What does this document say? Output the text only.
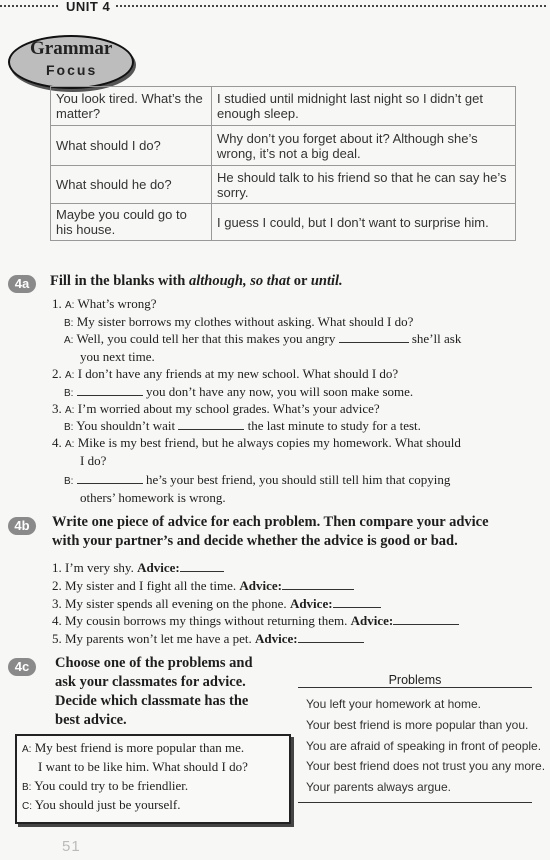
UNIT 4
Grammar
Focus
You look tired. What’s the matter?	I studied until midnight last night so I didn’t get enough sleep.
What should I do?	Why don’t you forget about it? Although she’s wrong, it’s not a big deal.
What should he do?	He should talk to his friend so that he can say he’s sorry.
Maybe you could go to his house.	I guess I could, but I don’t want to surprise him.
4a	Fill in the blanks with although, so that or until.
1. A: What’s wrong?
B: My sister borrows my clothes without asking. What should I do?
A: Well, you could tell her that this makes you angry	she’ll ask
you next time.
2. A: I don’t have any friends at my new school. What should I do?
B:	you don’t have any now, you will soon make some.
3. A: I’m worried about my school grades. What’s your advice?
B: You shouldn’t wait	the last minute to study for a test.
4. A: Mike is my best friend, but he always copies my homework. What should
I do?
B:	he’s your best friend, you should still tell him that copying
others’ homework is wrong.
4b	Write one piece of advice for each problem. Then compare your advice
with your partner’s and decide whether the advice is good or bad.
1. I’m very shy. Advice:
2. My sister and I fight all the time. Advice:
3. My sister spends all evening on the phone. Advice:
4. My cousin borrows my things without returning them. Advice:
5. My parents won’t let me have a pet. Advice:
4c	Choose one of the problems and
ask your classmates for advice.
Decide which classmate has the
best advice.
A: My best friend is more popular than me.
I want to be like him. What should I do?
B: You could try to be friendlier.
C: You should just be yourself.
Problems
You left your homework at home.
Your best friend is more popular than you.
You are afraid of speaking in front of people.
Your best friend does not trust you any more.
Your parents always argue.
51
